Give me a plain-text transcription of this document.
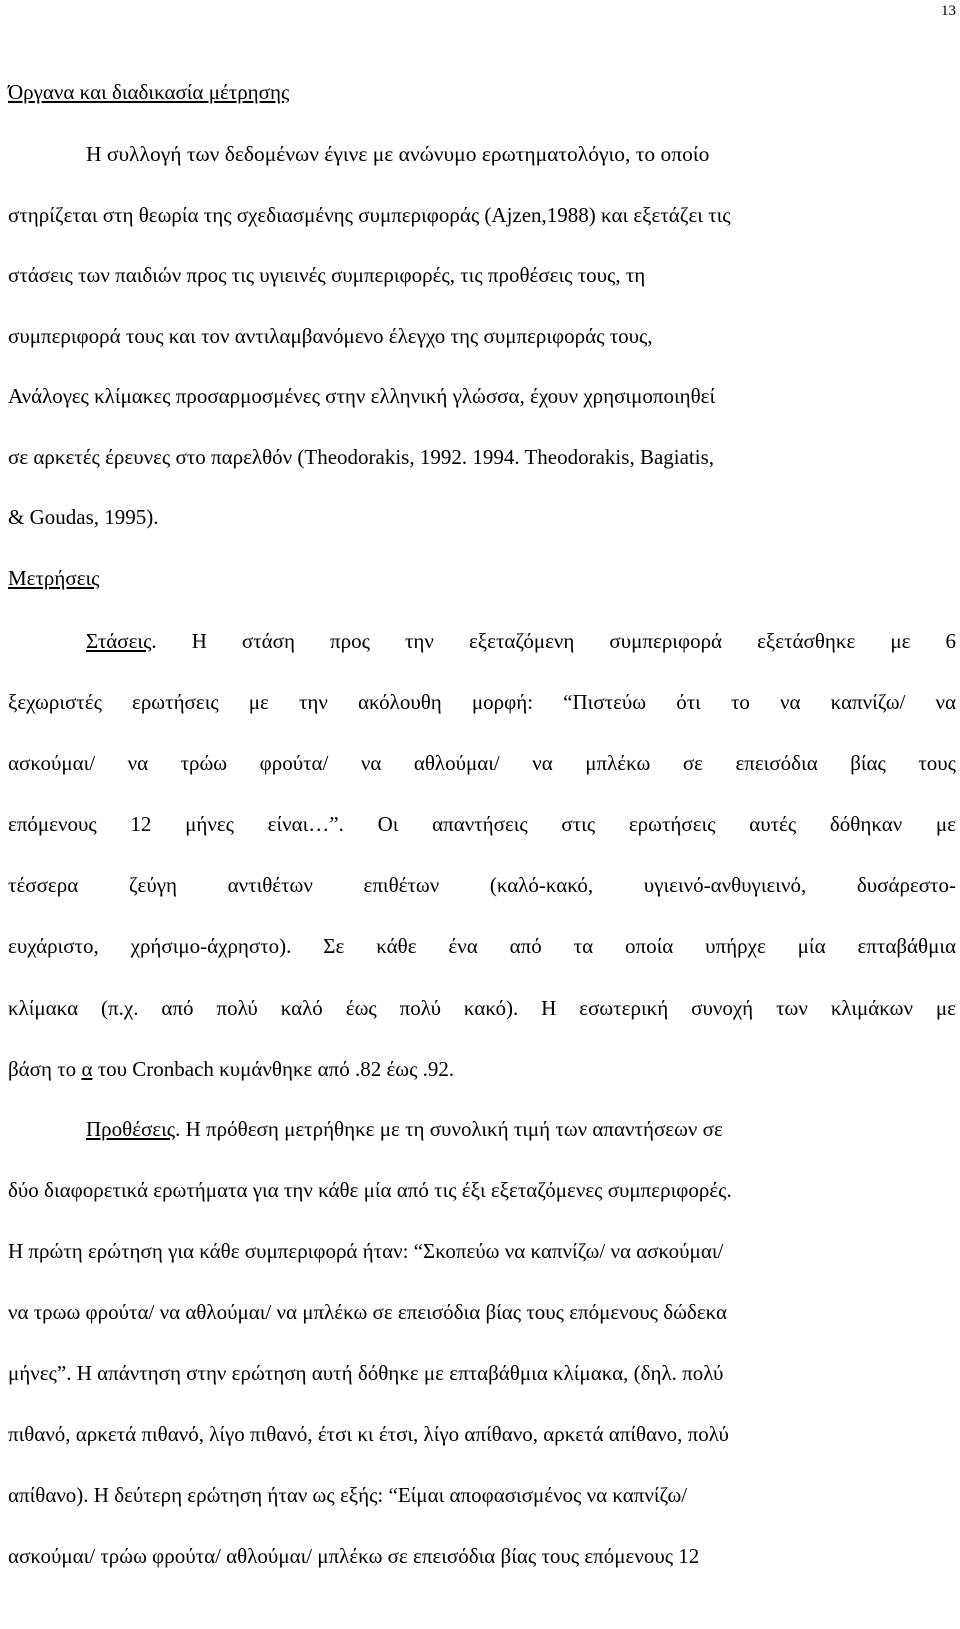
13
Όργανα και διαδικασία μέτρησης
Η συλλογή των δεδομένων έγινε με ανώνυμο ερωτηματολόγιο, το οποίο
στηρίζεται στη θεωρία της σχεδιασμένης συμπεριφοράς (Ajzen,1988) και εξετάζει τις
στάσεις των παιδιών προς τις υγιεινές συμπεριφορές, τις προθέσεις τους, τη
συμπεριφορά τους και τον αντιλαμβανόμενο έλεγχο της συμπεριφοράς τους,
Ανάλογες κλίμακες προσαρμοσμένες στην ελληνική γλώσσα, έχουν χρησιμοποιηθεί
σε αρκετές έρευνες στο παρελθόν (Theodorakis, 1992. 1994. Theodorakis, Bagiatis,
& Goudas, 1995).
Μετρήσεις
Στάσεις. Η στάση προς την εξεταζόμενη συμπεριφορά εξετάσθηκε με 6
ξεχωριστές ερωτήσεις με την ακόλουθη μορφή: “Πιστεύω ότι το να καπνίζω/ να
ασκούμαι/ να τρώω φρούτα/ να αθλούμαι/ να μπλέκω σε επεισόδια βίας τους
επόμενους 12 μήνες είναι…”. Οι απαντήσεις στις ερωτήσεις αυτές δόθηκαν με
τέσσερα ζεύγη αντιθέτων επιθέτων (καλό-κακό, υγιεινό-ανθυγιεινό, δυσάρεστο-
ευχάριστο, χρήσιμο-άχρηστο). Σε κάθε ένα από τα οποία υπήρχε μία επταβάθμια
κλίμακα (π.χ. από πολύ καλό έως πολύ κακό). Η εσωτερική συνοχή των κλιμάκων με
βάση το α του Cronbach κυμάνθηκε από .82 έως .92.
Προθέσεις. Η πρόθεση μετρήθηκε με τη συνολική τιμή των απαντήσεων σε
δύο διαφορετικά ερωτήματα για την κάθε μία από τις έξι εξεταζόμενες συμπεριφορές.
Η πρώτη ερώτηση για κάθε συμπεριφορά ήταν: “Σκοπεύω να καπνίζω/ να ασκούμαι/
να τρωω φρούτα/ να αθλούμαι/ να μπλέκω σε επεισόδια βίας τους επόμενους δώδεκα
μήνες”. Η απάντηση στην ερώτηση αυτή δόθηκε με επταβάθμια κλίμακα, (δηλ. πολύ
πιθανό, αρκετά πιθανό, λίγο πιθανό, έτσι κι έτσι, λίγο απίθανο, αρκετά απίθανο, πολύ
απίθανο). Η δεύτερη ερώτηση ήταν ως εξής: “Είμαι αποφασισμένος να καπνίζω/
ασκούμαι/ τρώω φρούτα/ αθλούμαι/ μπλέκω σε επεισόδια βίας τους επόμενους 12
